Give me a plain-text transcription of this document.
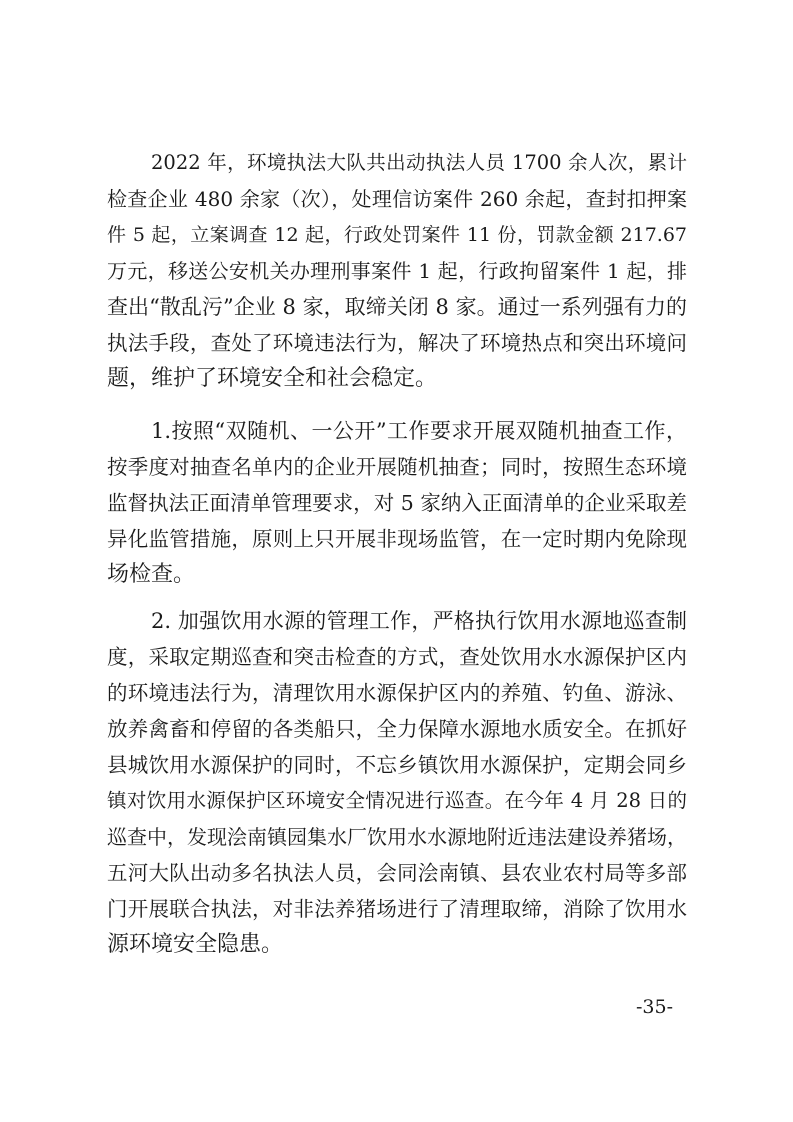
2022 年，环境执法大队共出动执法人员 1700 余人次，累计
检查企业 480 余家（次），处理信访案件 260 余起，查封扣押案
件 5 起，立案调查 12 起，行政处罚案件 11 份，罚款金额 217.67
万元，移送公安机关办理刑事案件 1 起，行政拘留案件 1 起，排
查出“散乱污”企业 8 家，取缔关闭 8 家。通过一系列强有力的
执法手段，查处了环境违法行为，解决了环境热点和突出环境问
题，维护了环境安全和社会稳定。
1.按照“双随机、一公开”工作要求开展双随机抽查工作，
按季度对抽查名单内的企业开展随机抽查；同时，按照生态环境
监督执法正面清单管理要求，对 5 家纳入正面清单的企业采取差
异化监管措施，原则上只开展非现场监管，在一定时期内免除现
场检查。
2. 加强饮用水源的管理工作，严格执行饮用水源地巡查制
度，采取定期巡查和突击检查的方式，查处饮用水水源保护区内
的环境违法行为，清理饮用水源保护区内的养殖、钓鱼、游泳、
放养禽畜和停留的各类船只，全力保障水源地水质安全。在抓好
县城饮用水源保护的同时，不忘乡镇饮用水源保护，定期会同乡
镇对饮用水源保护区环境安全情况进行巡查。在今年 4 月 28 日的
巡查中，发现浍南镇园集水厂饮用水水源地附近违法建设养猪场，
五河大队出动多名执法人员，会同浍南镇、县农业农村局等多部
门开展联合执法，对非法养猪场进行了清理取缔，消除了饮用水
源环境安全隐患。
-35-
